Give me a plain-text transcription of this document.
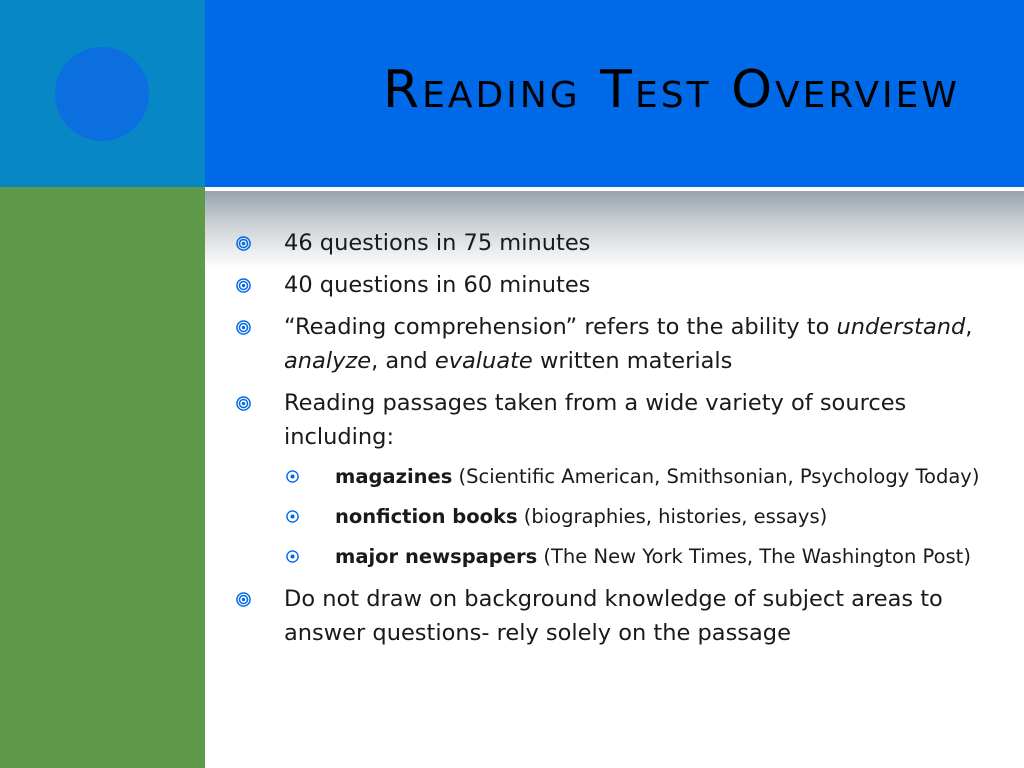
Reading Test Overview
46 questions in 75 minutes
40 questions in 60 minutes
“Reading comprehension” refers to the ability to understand, analyze, and evaluate written materials
Reading passages taken from a wide variety of sources including:
magazines (Scientific American, Smithsonian, Psychology Today)
nonfiction books (biographies, histories, essays)
major newspapers (The New York Times, The Washington Post)
Do not draw on background knowledge of subject areas to answer questions- rely solely on the passage
